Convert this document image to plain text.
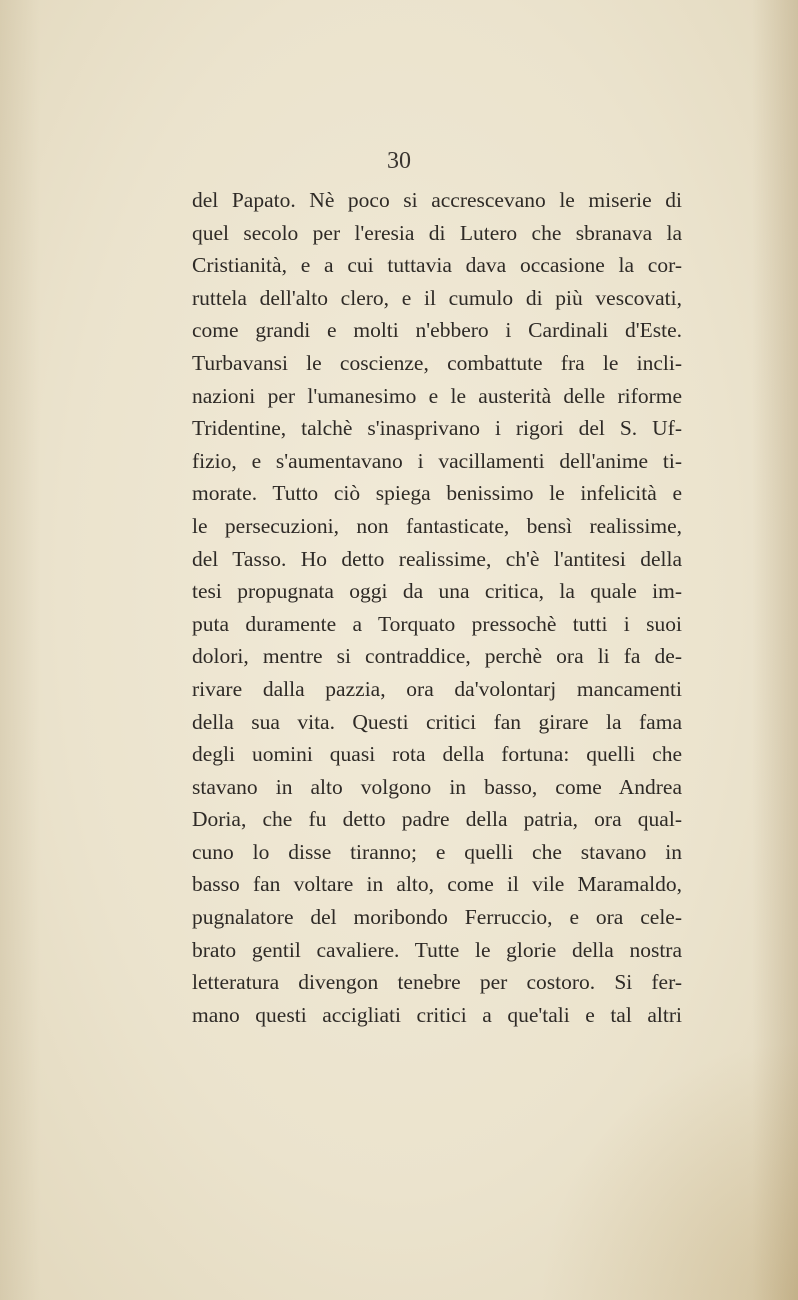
30
del Papato. Nè poco si accrescevano le miserie di
quel secolo per l'eresia di Lutero che sbranava la
Cristianità, e a cui tuttavia dava occasione la cor-
ruttela dell'alto clero, e il cumulo di più vescovati,
come grandi e molti n'ebbero i Cardinali d'Este.
Turbavansi le coscienze, combattute fra le incli-
nazioni per l'umanesimo e le austerità delle riforme
Tridentine, talchè s'inasprivano i rigori del S. Uf-
fizio, e s'aumentavano i vacillamenti dell'anime ti-
morate. Tutto ciò spiega benissimo le infelicità e
le persecuzioni, non fantasticate, bensì realissime,
del Tasso. Ho detto realissime, ch'è l'antitesi della
tesi propugnata oggi da una critica, la quale im-
puta duramente a Torquato pressochè tutti i suoi
dolori, mentre si contraddice, perchè ora li fa de-
rivare dalla pazzia, ora da'volontarj mancamenti
della sua vita. Questi critici fan girare la fama
degli uomini quasi rota della fortuna: quelli che
stavano in alto volgono in basso, come Andrea
Doria, che fu detto padre della patria, ora qual-
cuno lo disse tiranno; e quelli che stavano in
basso fan voltare in alto, come il vile Maramaldo,
pugnalatore del moribondo Ferruccio, e ora cele-
brato gentil cavaliere. Tutte le glorie della nostra
letteratura divengon tenebre per costoro. Si fer-
mano questi accigliati critici a que'tali e tal altri
